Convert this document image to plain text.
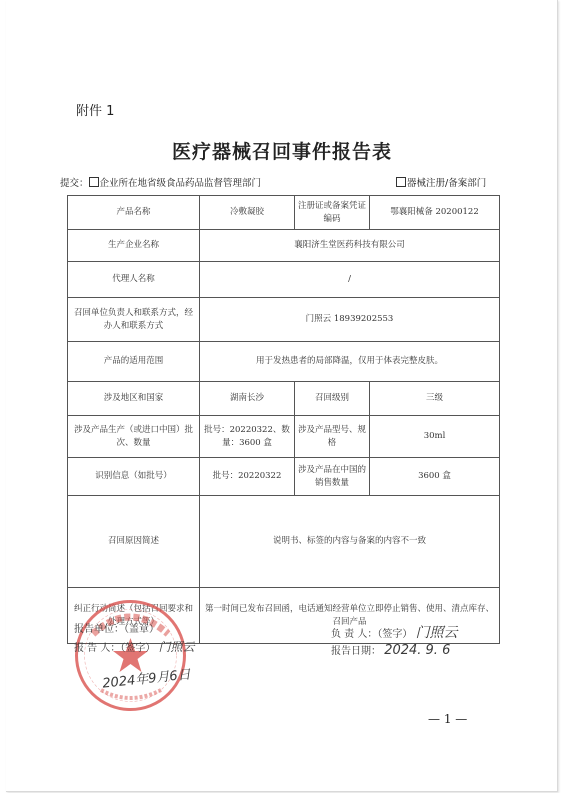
附件 1
医疗器械召回事件报告表
提交： 企业所在地省级食品药品监督管理部门	器械注册/备案部门
产品名称	冷敷凝胶	注册证或备案凭证编码	鄂襄阳械备 20200122
生产企业名称	襄阳济生堂医药科技有限公司		
代理人名称	/		
召回单位负责人和联系方式，经办人和联系方式	门照云 18939202553		
产品的适用范围	用于发热患者的局部降温，仅用于体表完整皮肤。		
涉及地区和国家	湖南长沙	召回级别	三级
涉及产品生产（或进口中国）批次、数量	批号：20220322、数量：3600 盒	涉及产品型号、规格	30ml
识别信息（如批号）	批号：20220322	涉及产品在中国的销售数量	3600 盒
召回原因简述	说明书、标签的内容与备案的内容不一致		
纠正行动简述（包括召回要求和处理方式等）	第一时间已发布召回函，电话通知经营单位立即停止销售、使用、清点库存、召回产品		
报告单位：（盖章）
报 告 人：（签字） 门照云
2024年9月6日
负 责 人：（签字） 门照云
报告日期： 2024. 9. 6
— 1 —
